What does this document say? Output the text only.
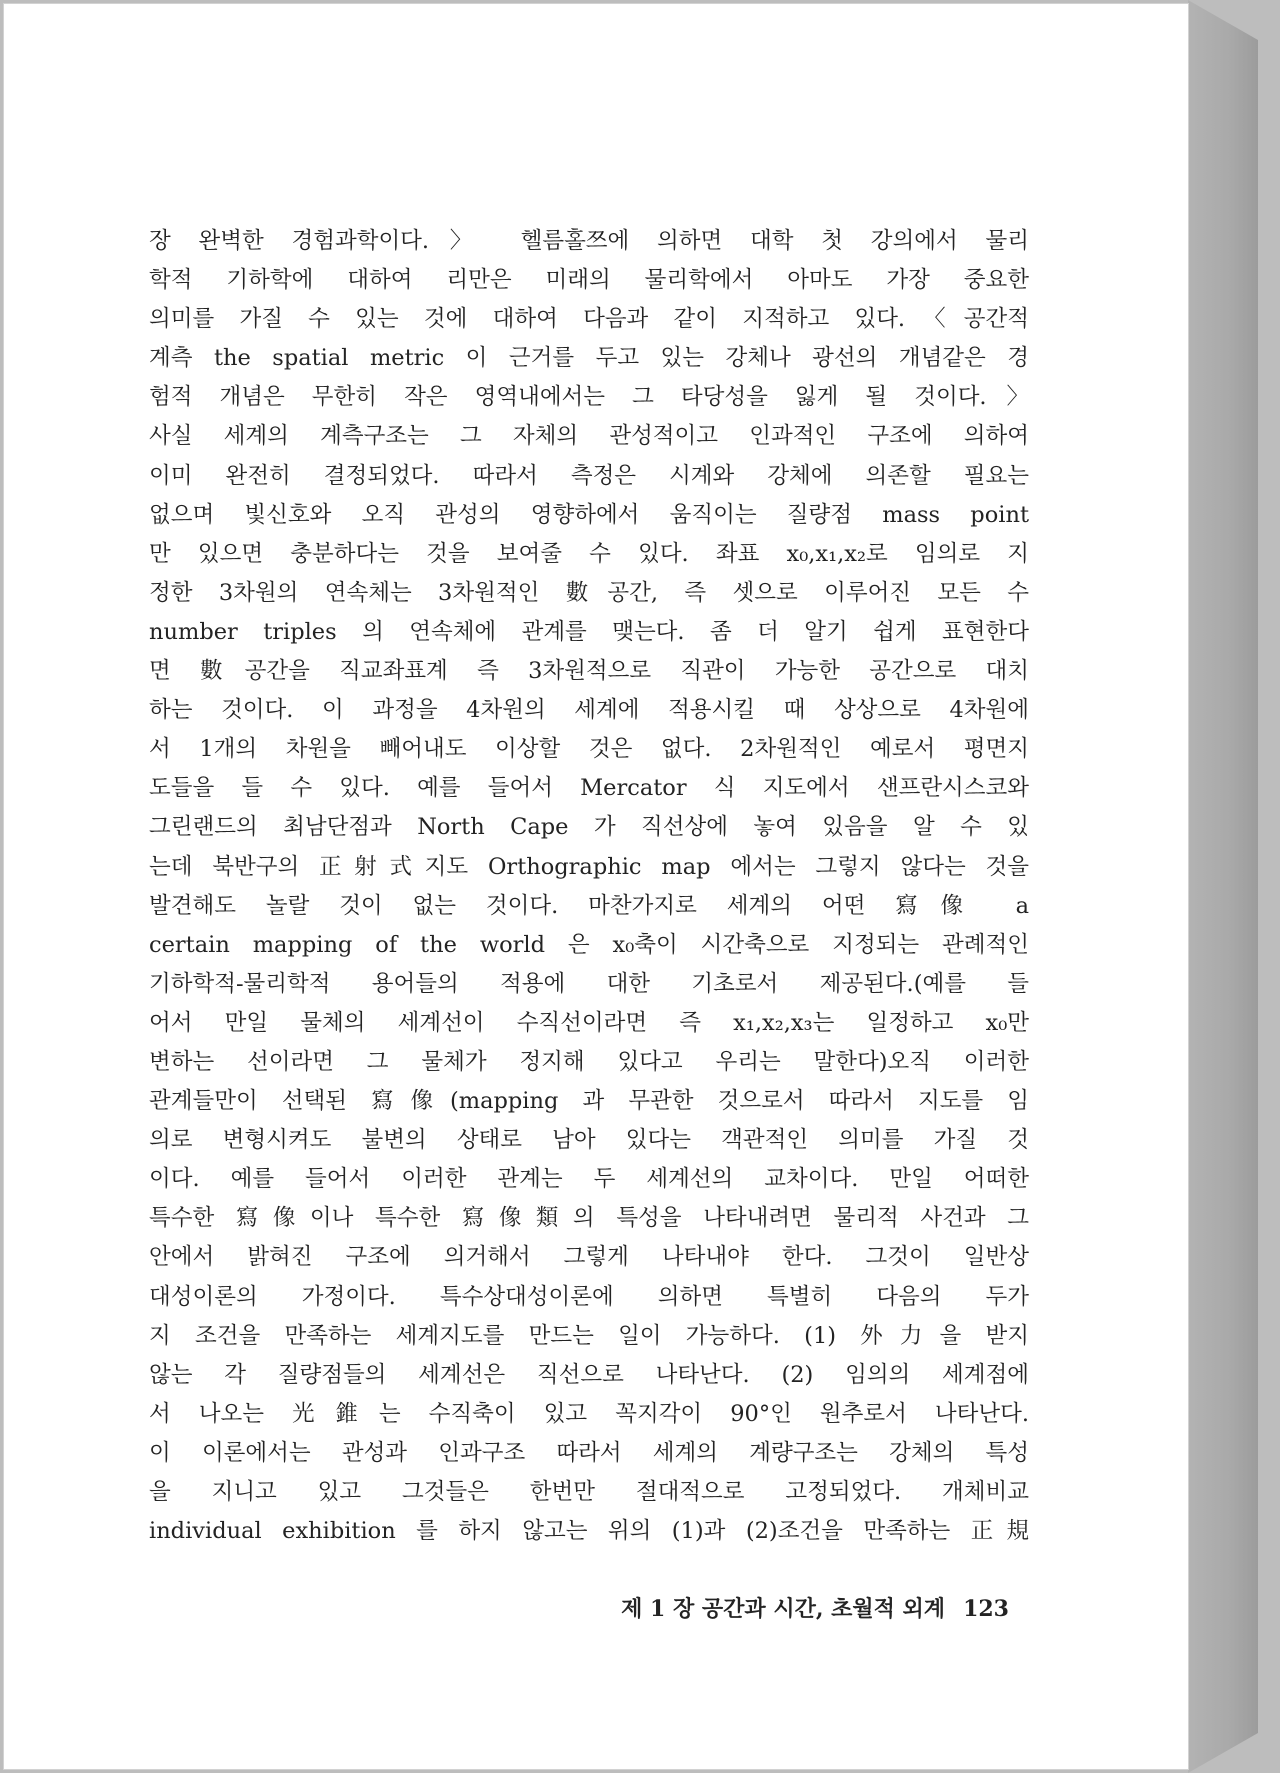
장 완벽한 경험과학이다.〉 헬름홀쯔에 의하면 대학 첫 강의에서 물리
학적 기하학에 대하여 리만은 미래의 물리학에서 아마도 가장 중요한
의미를 가질 수 있는 것에 대하여 다음과 같이 지적하고 있다.〈공간적
계측 the spatial metric 이 근거를 두고 있는 강체나 광선의 개념같은 경
험적 개념은 무한히 작은 영역내에서는 그 타당성을 잃게 될 것이다.〉
사실 세계의 계측구조는 그 자체의 관성적이고 인과적인 구조에 의하여
이미 완전히 결정되었다. 따라서 측정은 시계와 강체에 의존할 필요는
없으며 빛신호와 오직 관성의 영향하에서 움직이는 질량점 mass point
만 있으면 충분하다는 것을 보여줄 수 있다. 좌표 x₀,x₁,x₂로 임의로 지
정한 3차원의 연속체는 3차원적인 數공간, 즉 셋으로 이루어진 모든 수
number triples 의 연속체에 관계를 맺는다. 좀 더 알기 쉽게 표현한다
면 數공간을 직교좌표계 즉 3차원적으로 직관이 가능한 공간으로 대치
하는 것이다. 이 과정을 4차원의 세계에 적용시킬 때 상상으로 4차원에
서 1개의 차원을 빼어내도 이상할 것은 없다. 2차원적인 예로서 평면지
도들을 들 수 있다. 예를 들어서 Mercator 식 지도에서 샌프란시스코와
그린랜드의 최남단점과 North Cape 가 직선상에 놓여 있음을 알 수 있
는데 북반구의 正射式지도 Orthographic map 에서는 그렇지 않다는 것을
발견해도 놀랄 것이 없는 것이다. 마찬가지로 세계의 어떤 寫像 a
certain mapping of the world 은 x₀축이 시간축으로 지정되는 관례적인
기하학적-물리학적 용어들의 적용에 대한 기초로서 제공된다.(예를 들
어서 만일 물체의 세계선이 수직선이라면 즉 x₁,x₂,x₃는 일정하고 x₀만
변하는 선이라면 그 물체가 정지해 있다고 우리는 말한다)오직 이러한
관계들만이 선택된 寫像(mapping 과 무관한 것으로서 따라서 지도를 임
의로 변형시켜도 불변의 상태로 남아 있다는 객관적인 의미를 가질 것
이다. 예를 들어서 이러한 관계는 두 세계선의 교차이다. 만일 어떠한
특수한 寫像이나 특수한 寫像類의 특성을 나타내려면 물리적 사건과 그
안에서 밝혀진 구조에 의거해서 그렇게 나타내야 한다. 그것이 일반상
대성이론의 가정이다. 특수상대성이론에 의하면 특별히 다음의 두가
지 조건을 만족하는 세계지도를 만드는 일이 가능하다. (1) 外力을 받지
않는 각 질량점들의 세계선은 직선으로 나타난다. (2) 임의의 세계점에
서 나오는 光錐는 수직축이 있고 꼭지각이 90°인 원추로서 나타난다.
이 이론에서는 관성과 인과구조 따라서 세계의 계량구조는 강체의 특성
을 지니고 있고 그것들은 한번만 절대적으로 고정되었다. 개체비교
individual exhibition 를 하지 않고는 위의 (1)과 (2)조건을 만족하는 正規
제 1 장 공간과 시간, 초월적 외계 123
